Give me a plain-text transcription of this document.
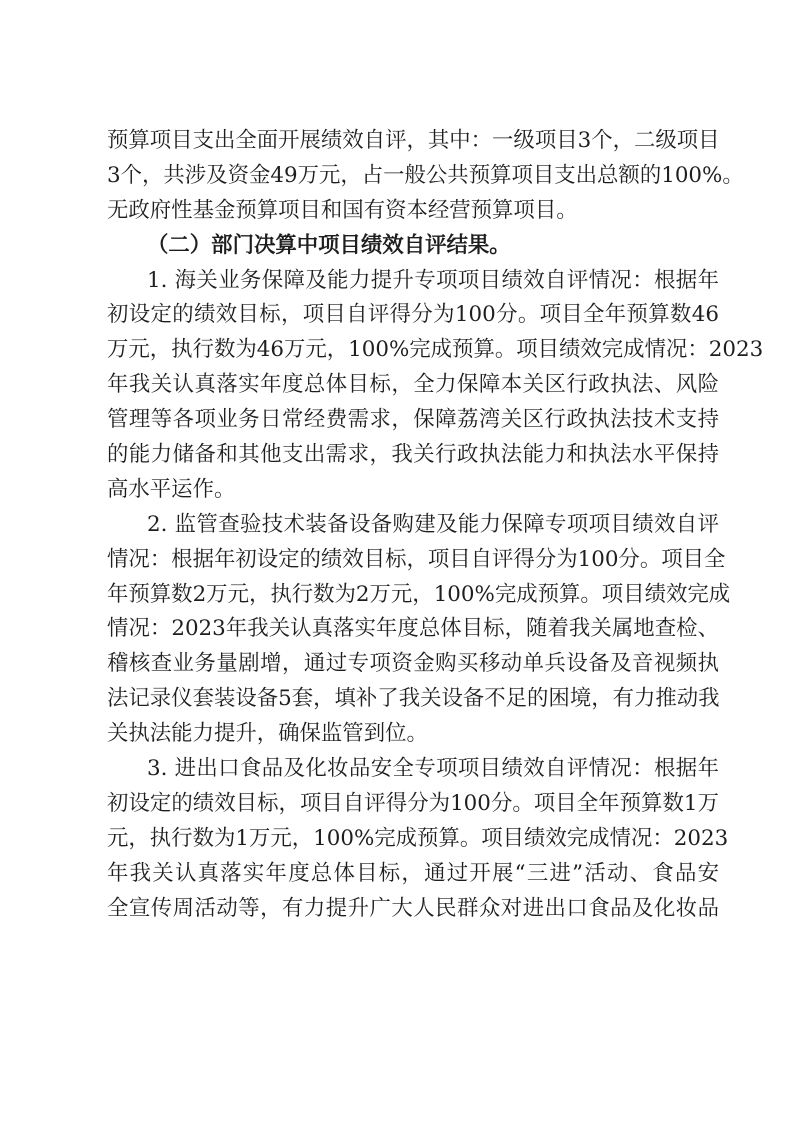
预算项目支出全面开展绩效自评，其中：一级项目3个，二级项目
3个，共涉及资金49万元，占一般公共预算项目支出总额的100%。
无政府性基金预算项目和国有资本经营预算项目。
（二）部门决算中项目绩效自评结果。
1. 海关业务保障及能力提升专项项目绩效自评情况：根据年
初设定的绩效目标，项目自评得分为100分。项目全年预算数46
万元，执行数为46万元，100%完成预算。项目绩效完成情况：2023
年我关认真落实年度总体目标，全力保障本关区行政执法、风险
管理等各项业务日常经费需求，保障荔湾关区行政执法技术支持
的能力储备和其他支出需求，我关行政执法能力和执法水平保持
高水平运作。
2. 监管查验技术装备设备购建及能力保障专项项目绩效自评
情况：根据年初设定的绩效目标，项目自评得分为100分。项目全
年预算数2万元，执行数为2万元，100%完成预算。项目绩效完成
情况：2023年我关认真落实年度总体目标，随着我关属地查检、
稽核查业务量剧增，通过专项资金购买移动单兵设备及音视频执
法记录仪套装设备5套，填补了我关设备不足的困境，有力推动我
关执法能力提升，确保监管到位。
3. 进出口食品及化妆品安全专项项目绩效自评情况：根据年
初设定的绩效目标，项目自评得分为100分。项目全年预算数1万
元，执行数为1万元，100%完成预算。项目绩效完成情况：2023
年我关认真落实年度总体目标，通过开展“三进”活动、食品安
全宣传周活动等，有力提升广大人民群众对进出口食品及化妆品
